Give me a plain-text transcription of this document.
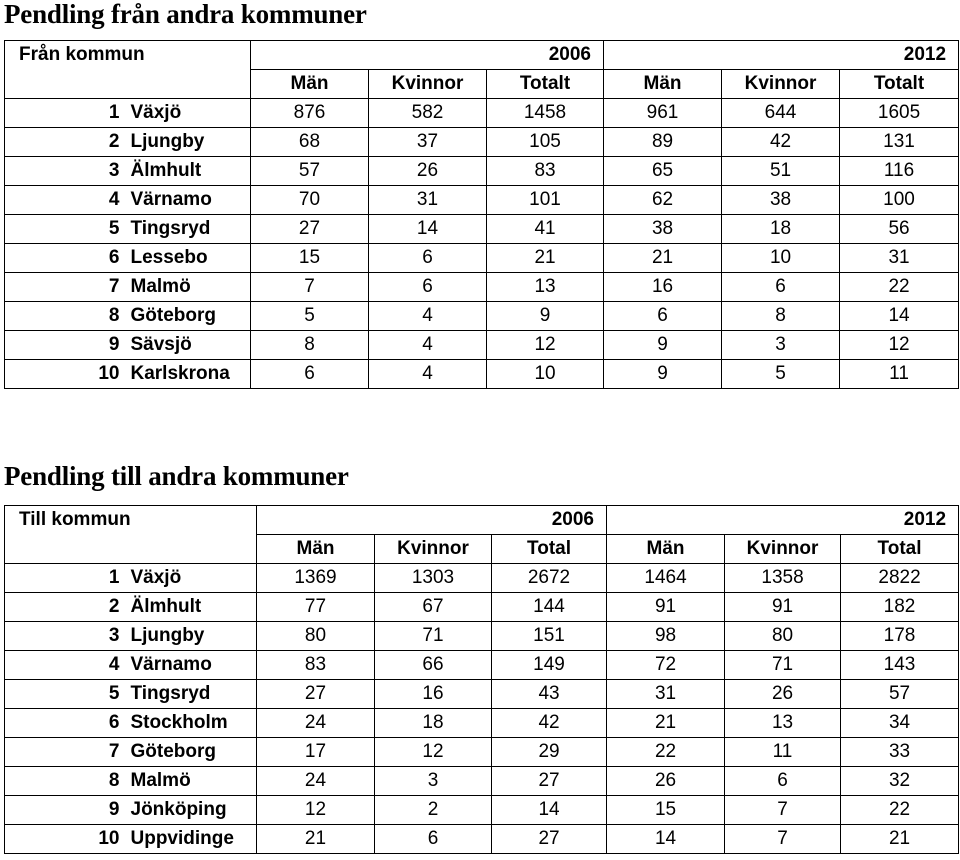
Pendling från andra kommuner
Från kommun		2006			2012		
		Män	Kvinnor	Totalt	Män	Kvinnor	Totalt
1	Växjö	876	582	1458	961	644	1605
2	Ljungby	68	37	105	89	42	131
3	Älmhult	57	26	83	65	51	116
4	Värnamo	70	31	101	62	38	100
5	Tingsryd	27	14	41	38	18	56
6	Lessebo	15	6	21	21	10	31
7	Malmö	7	6	13	16	6	22
8	Göteborg	5	4	9	6	8	14
9	Sävsjö	8	4	12	9	3	12
10	Karlskrona	6	4	10	9	5	11
Pendling till andra kommuner
Till kommun		2006			2012		
		Män	Kvinnor	Total	Män	Kvinnor	Total
1	Växjö	1369	1303	2672	1464	1358	2822
2	Älmhult	77	67	144	91	91	182
3	Ljungby	80	71	151	98	80	178
4	Värnamo	83	66	149	72	71	143
5	Tingsryd	27	16	43	31	26	57
6	Stockholm	24	18	42	21	13	34
7	Göteborg	17	12	29	22	11	33
8	Malmö	24	3	27	26	6	32
9	Jönköping	12	2	14	15	7	22
10	Uppvidinge	21	6	27	14	7	21
